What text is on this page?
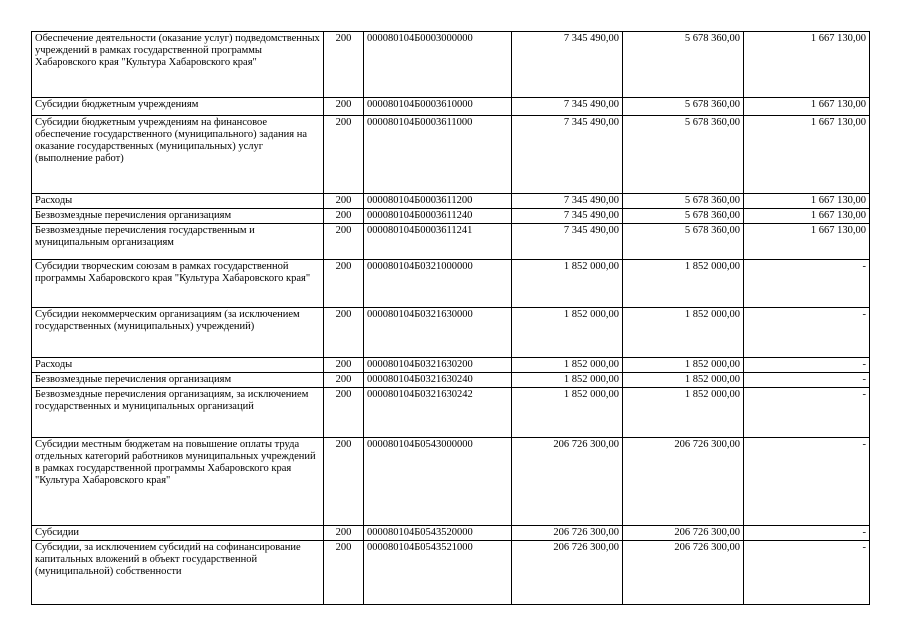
Обеспечение деятельности (оказание услуг) подведомственных учреждений в рамках государственной программы Хабаровского края "Культура Хабаровского края"	200	000080104Б0003000000	7 345 490,00	5 678 360,00	1 667 130,00
Субсидии бюджетным учреждениям	200	000080104Б0003610000	7 345 490,00	5 678 360,00	1 667 130,00
Субсидии бюджетным учреждениям на финансовое обеспечение государственного (муниципального) задания на оказание государственных (муниципальных) услуг (выполнение работ)	200	000080104Б0003611000	7 345 490,00	5 678 360,00	1 667 130,00
Расходы	200	000080104Б0003611200	7 345 490,00	5 678 360,00	1 667 130,00
Безвозмездные перечисления организациям	200	000080104Б0003611240	7 345 490,00	5 678 360,00	1 667 130,00
Безвозмездные перечисления государственным и муниципальным организациям	200	000080104Б0003611241	7 345 490,00	5 678 360,00	1 667 130,00
Субсидии творческим союзам в рамках государственной программы Хабаровского края "Культура Хабаровского края"	200	000080104Б0321000000	1 852 000,00	1 852 000,00	-
Субсидии некоммерческим организациям (за исключением государственных (муниципальных) учреждений)	200	000080104Б0321630000	1 852 000,00	1 852 000,00	-
Расходы	200	000080104Б0321630200	1 852 000,00	1 852 000,00	-
Безвозмездные перечисления организациям	200	000080104Б0321630240	1 852 000,00	1 852 000,00	-
Безвозмездные перечисления организациям, за исключением государственных и муниципальных организаций	200	000080104Б0321630242	1 852 000,00	1 852 000,00	-
Субсидии местным бюджетам на повышение оплаты труда отдельных категорий работников муниципальных учреждений в рамках государственной программы Хабаровского края "Культура Хабаровского края"	200	000080104Б0543000000	206 726 300,00	206 726 300,00	-
Субсидии	200	000080104Б0543520000	206 726 300,00	206 726 300,00	-
Субсидии, за исключением субсидий на софинансирование капитальных вложений в объект государственной (муниципальной) собственности	200	000080104Б0543521000	206 726 300,00	206 726 300,00	-
